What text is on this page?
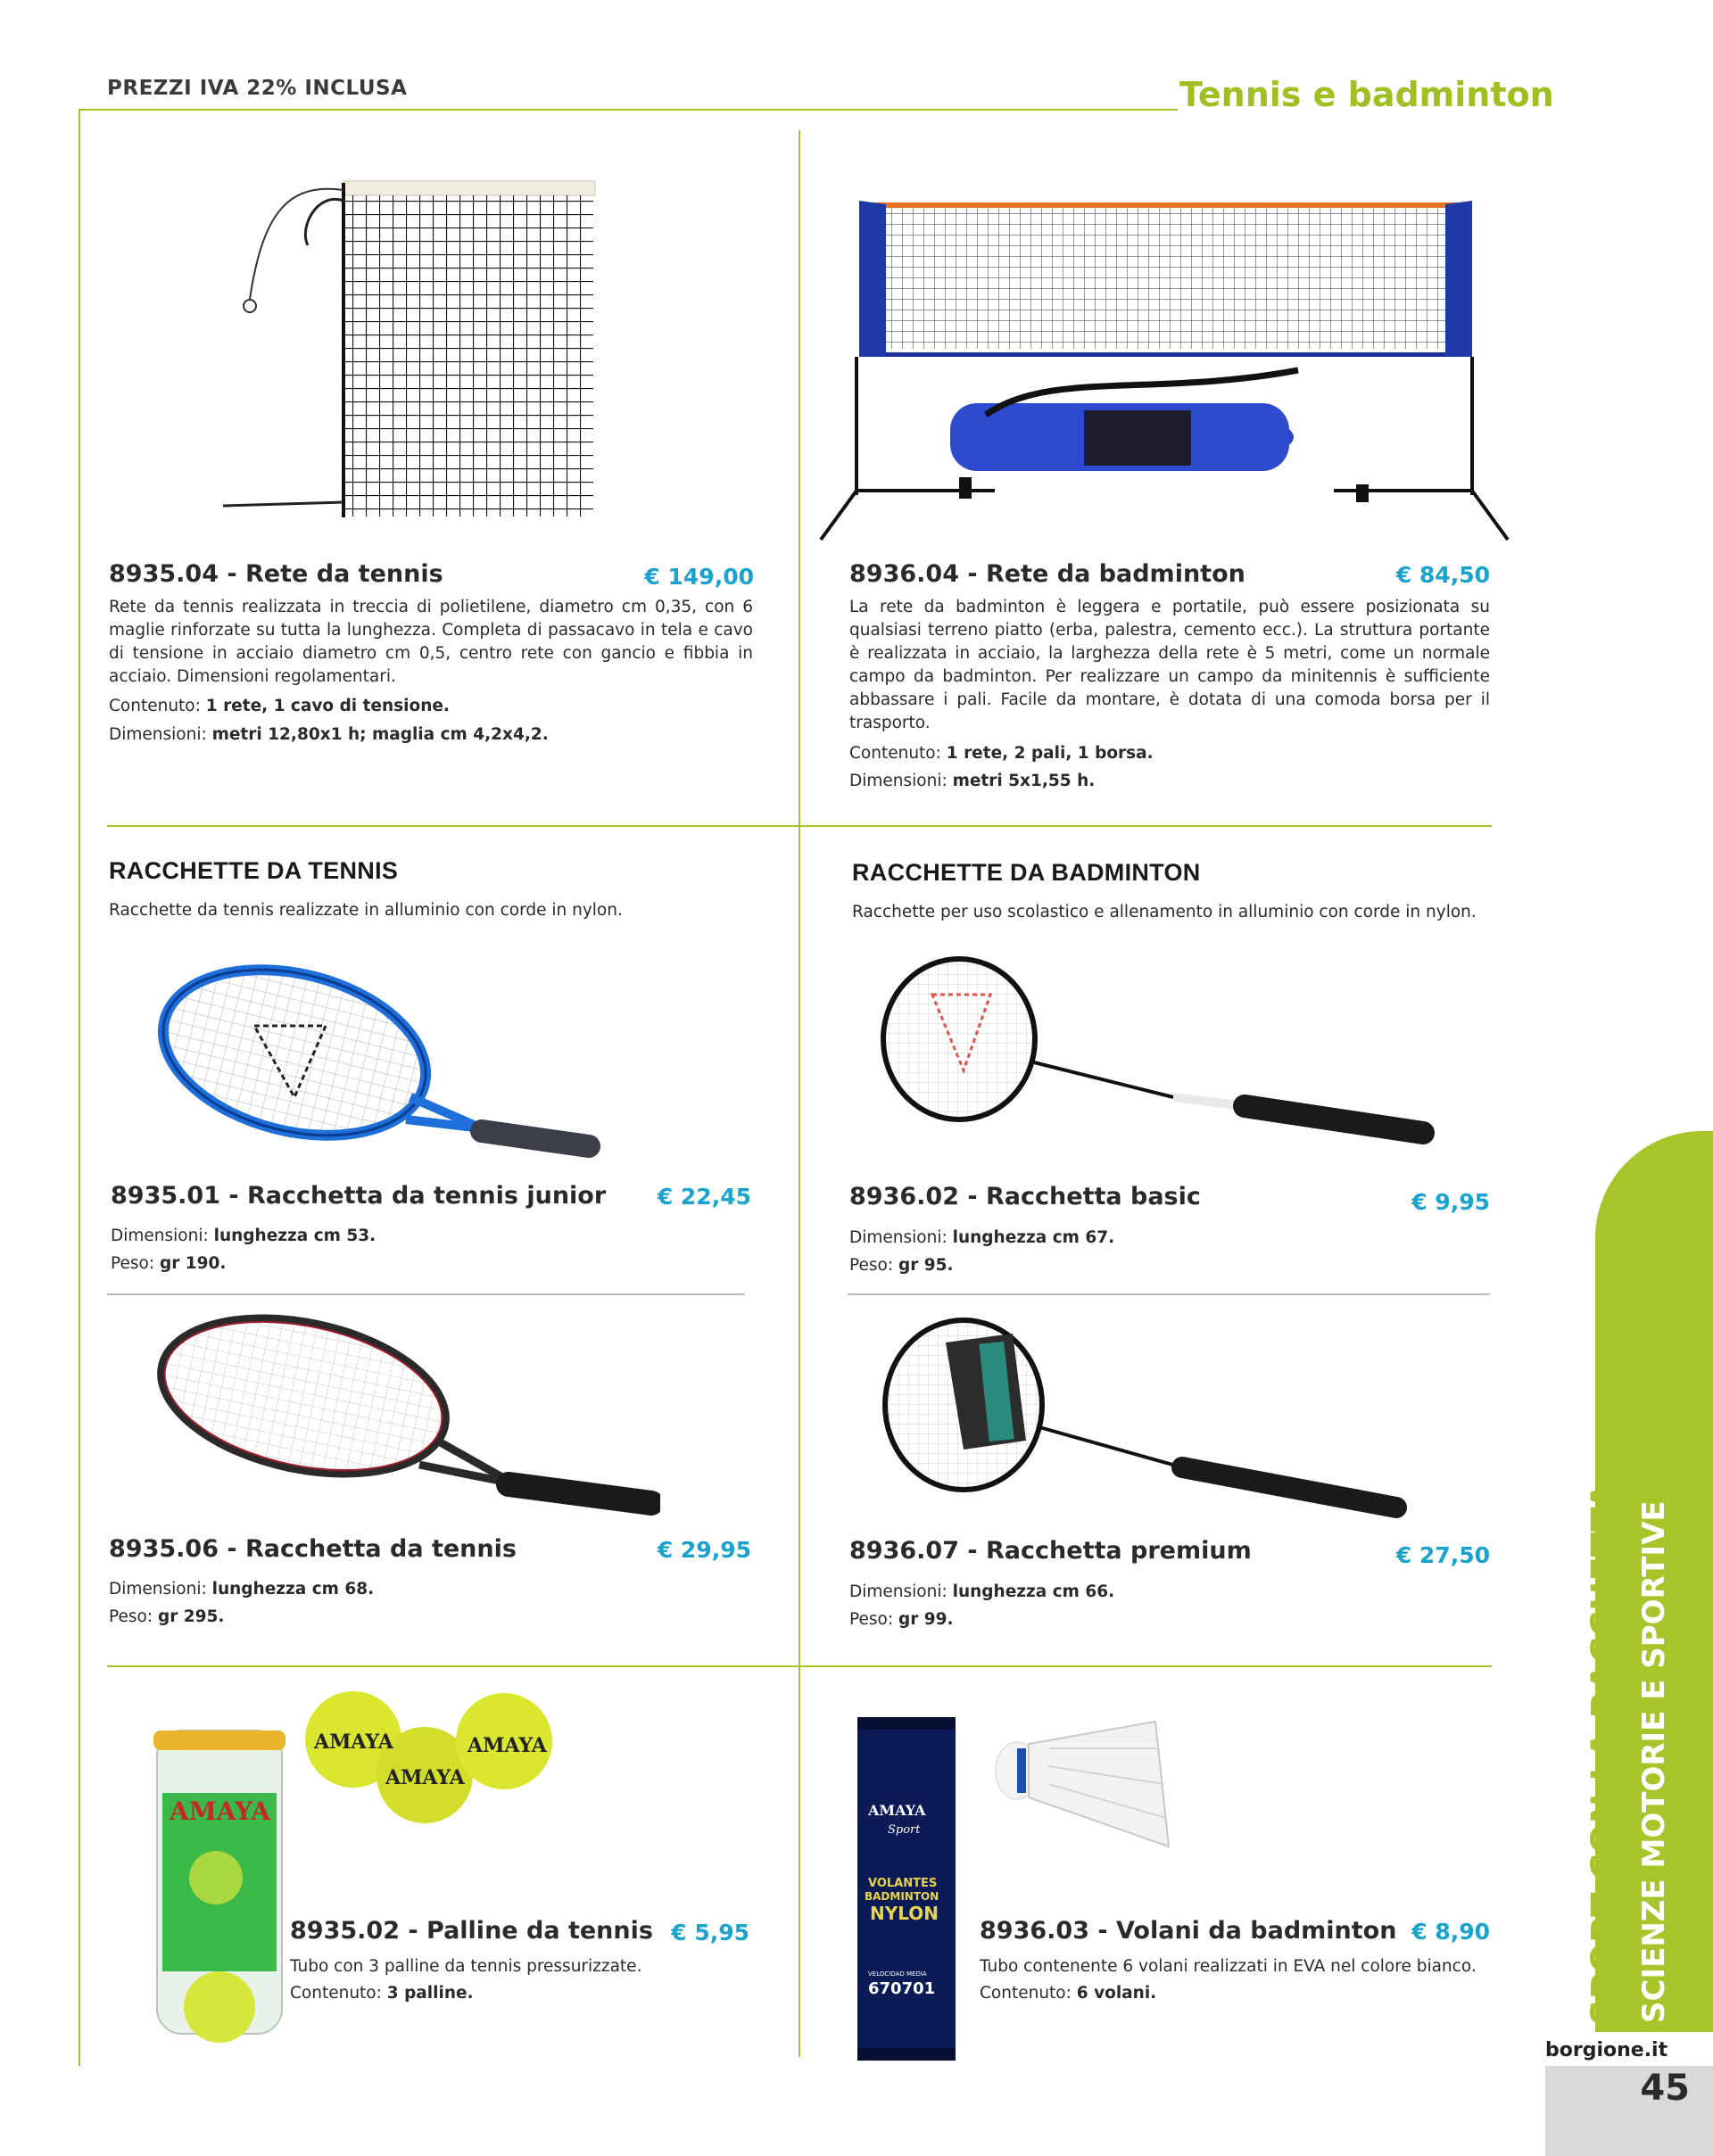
PREZZI IVA 22% INCLUSA	Tennis e badminton
8935.04 - Rete da tennis	€ 149,00
Rete da tennis realizzata in treccia di polietilene, diametro cm 0,35, con 6 maglie rinforzate su tutta la lunghezza. Completa di passacavo in tela e cavo di tensione in acciaio diametro cm 0,5, centro rete con gancio e fibbia in acciaio. Dimensioni regolamentari.
Contenuto: 1 rete, 1 cavo di tensione.
Dimensioni: metri 12,80x1 h; maglia cm 4,2x4,2.
8936.04 - Rete da badminton	€ 84,50
La rete da badminton è leggera e portatile, può essere posizionata su qualsiasi terreno piatto (erba, palestra, cemento ecc.). La struttura portante è realizzata in acciaio, la larghezza della rete è 5 metri, come un normale campo da badminton. Per realizzare un campo da minitennis è sufficiente abbassare i pali. Facile da montare, è dotata di una comoda borsa per il trasporto.
Contenuto: 1 rete, 2 pali, 1 borsa.
Dimensioni: metri 5x1,55 h.
RACCHETTE DA TENNIS
Racchette da tennis realizzate in alluminio con corde in nylon.
RACCHETTE DA BADMINTON
Racchette per uso scolastico e allenamento in alluminio con corde in nylon.
8935.01 - Racchetta da tennis junior € 22,45
Dimensioni: lunghezza cm 53.
Peso: gr 190.
8935.06 - Racchetta da tennis	€ 29,95
Dimensioni: lunghezza cm 68.
Peso: gr 295.
8936.02 - Racchetta basic	€ 9,95
Dimensioni: lunghezza cm 67.
Peso: gr 95.
8936.07 - Racchetta premium	€ 27,50
Dimensioni: lunghezza cm 66.
Peso: gr 99.
AMAYA
AMAYA
AMAYA
AMAYA
8935.02 - Palline da tennis € 5,95
Tubo con 3 palline da tennis pressurizzate.
Contenuto: 3 palline.
AMAYA
Sport
VOLANTES
BADMINTON
NYLON
VELOCIDAD MEDIA
670701
8936.03 - Volani da badminton € 8,90
Tubo contenente 6 volani realizzati in EVA nel colore bianco.
Contenuto: 6 volani.	SPORT CON LA RACCHETTA SCIENZE MOTORIE E SPORTIVE
borgione.it
45
